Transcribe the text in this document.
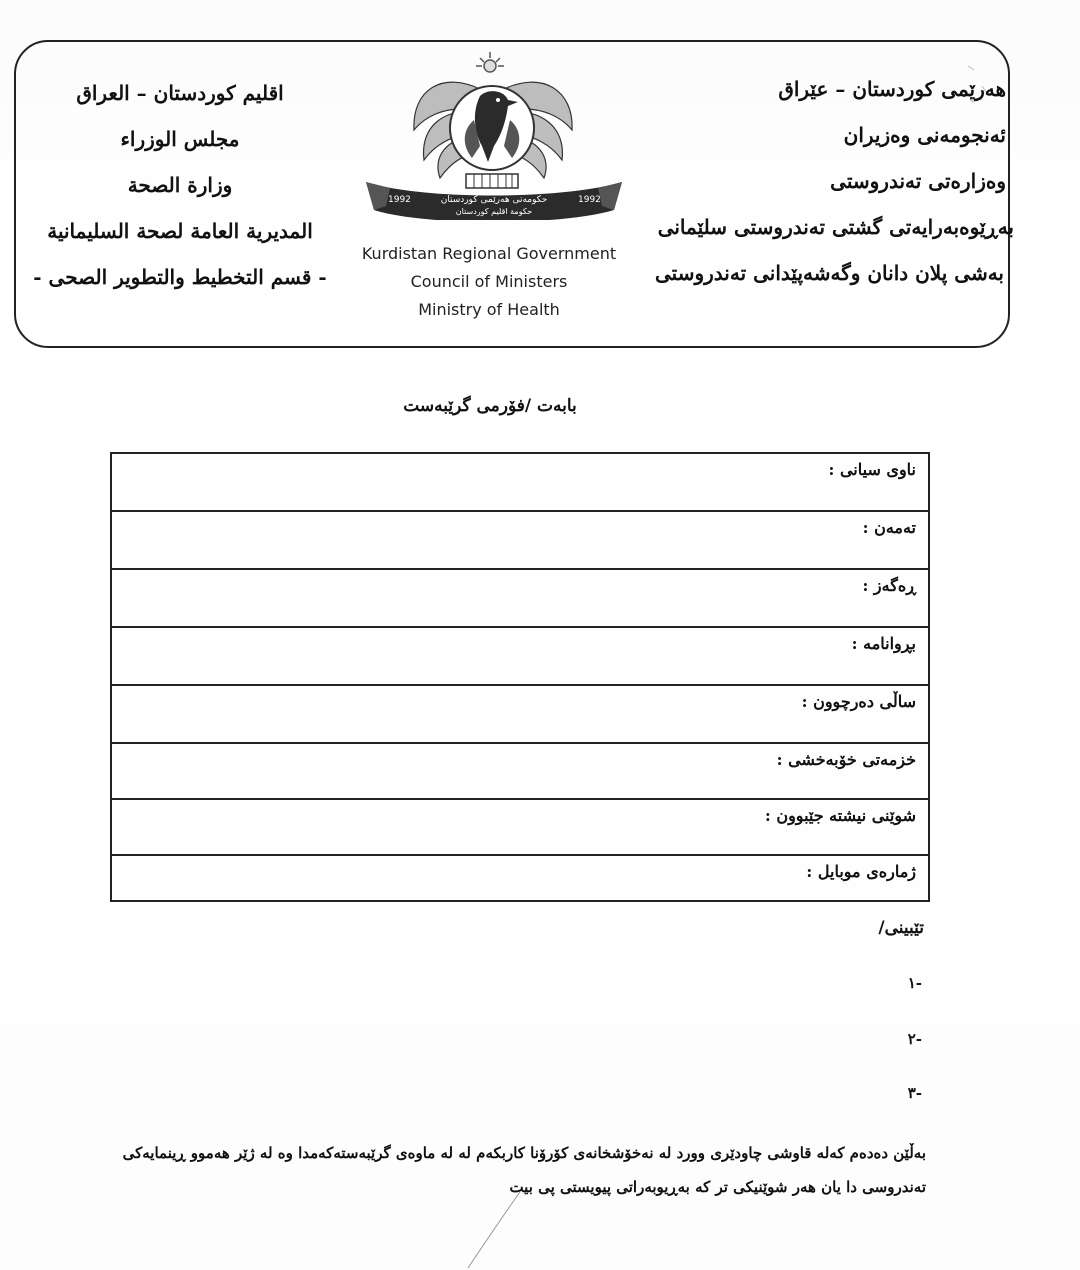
اقليم كوردستان – العراق
مجلس الوزراء
وزارة الصحة
المديرية العامة لصحة السليمانية
- قسم التخطيط والتطوير الصحى -
هەرێمی کوردستان – عێراق
ئەنجومەنی وەزیران
وەزارەتی تەندروستی
بەڕێوەبەرایەتی گشتی تەندروستی سلێمانی
بەشی پلان دانان وگەشەپێدانی تەندروستی
1992	1992
حکومەتی هەرێمی کوردستان
حكومة اقليم كوردستان
Kurdistan Regional Government
Council of Ministers
Ministry of Health
بابەت /فۆرمی گرێبەست
ناوی سیانی :
تەمەن :
ڕەگەز :
بڕوانامە :
ساڵی دەرچوون :
خزمەتی خۆبەخشی :
شوێنی نیشتە جێبوون :
ژمارەی موبایل :
تێبینی/
-١
-٢
-٣
بەڵێن دەدەم کەلە قاوشی چاودێری وورد لە نەخۆشخانەی کۆرۆنا کاربکەم لە لە ماوەی گرێبەستەکەمدا وە لە ژێر هەموو ڕینمایەکی
تەندروسی دا یان هەر شوێنیکی تر کە بەڕیوبەراتی پیویستی پی بیت
